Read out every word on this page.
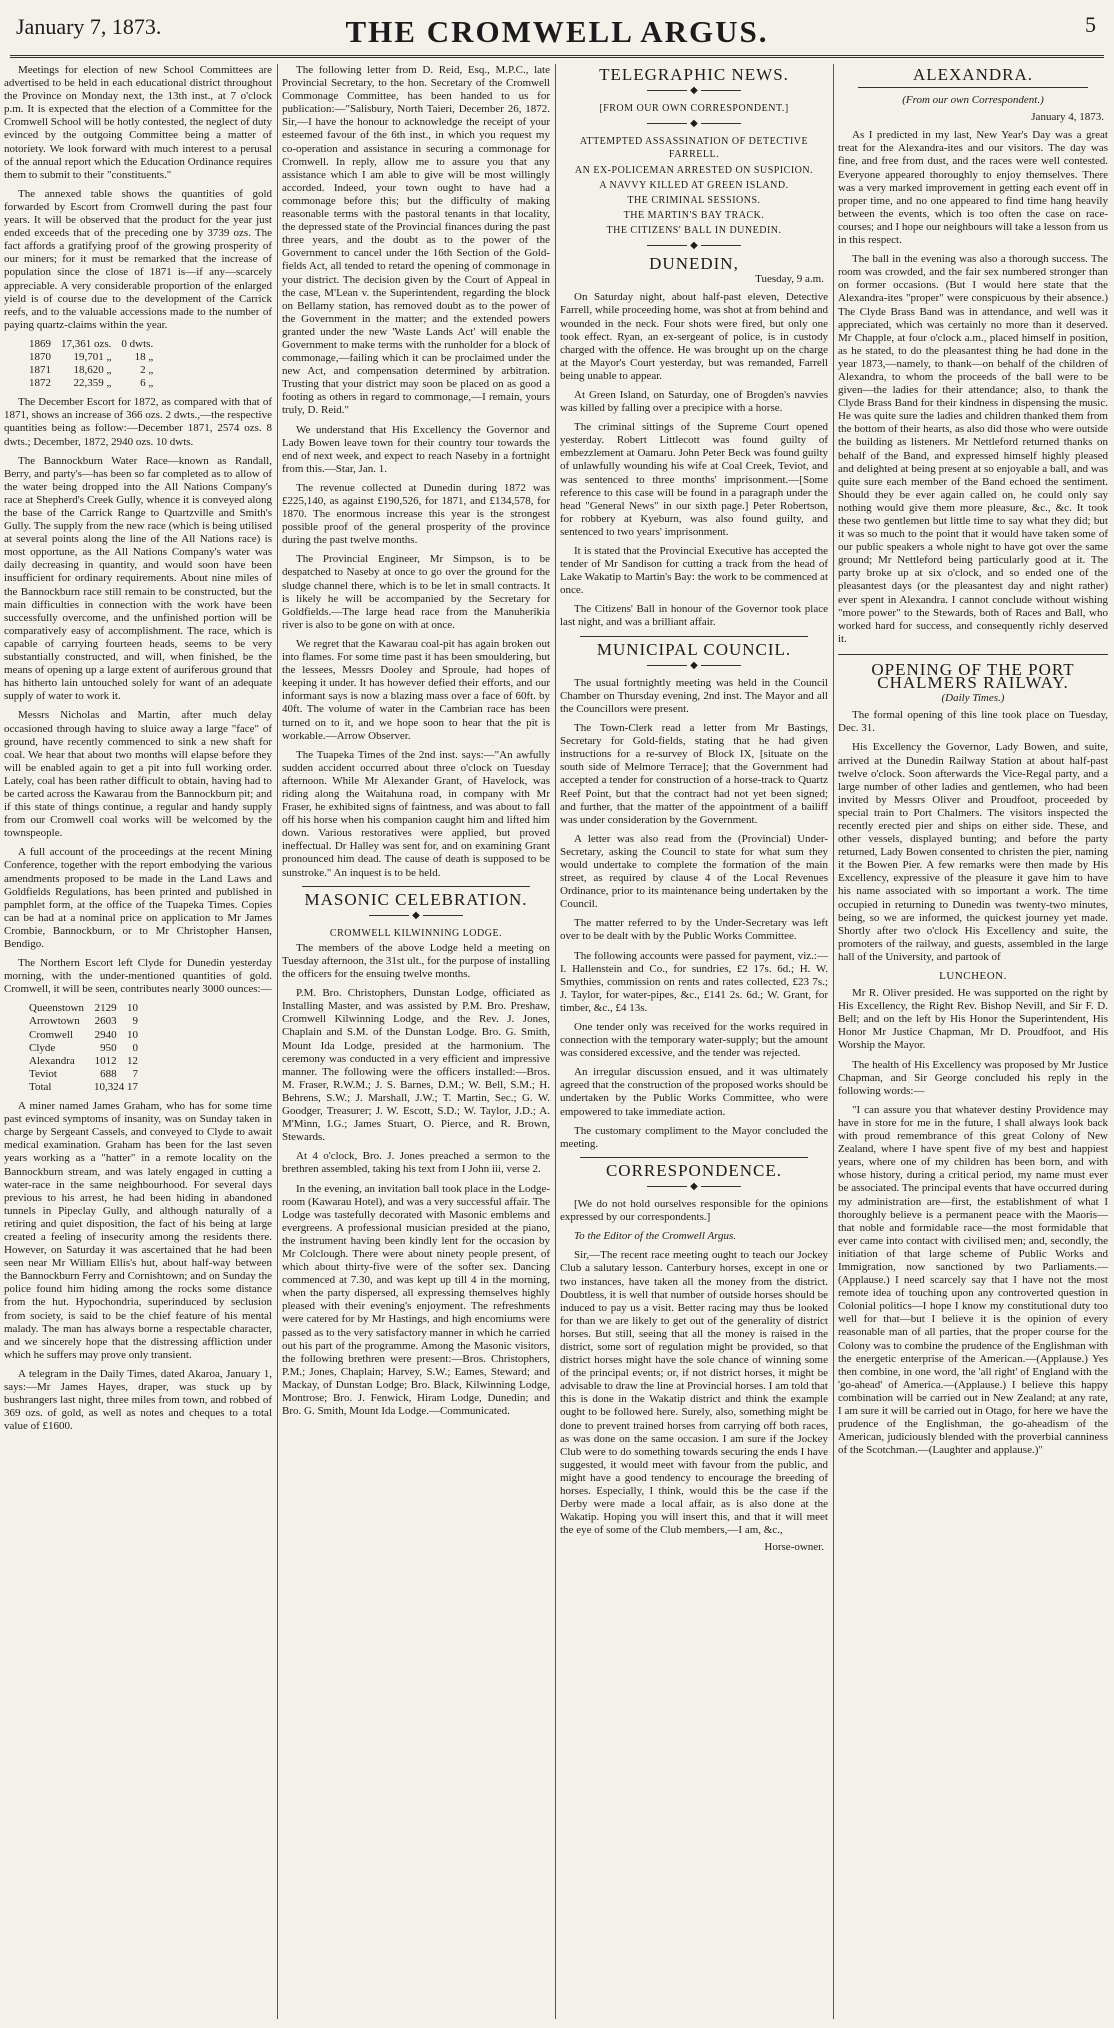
January 7, 1873.	THE CROMWELL ARGUS.	5

Meetings for election of new School Committees are advertised to be held in each educational district throughout the Province on Monday next, the 13th inst., at 7 o'clock p.m. It is expected that the election of a Committee for the Cromwell School will be hotly contested, the neglect of duty evinced by the outgoing Committee being a matter of notoriety. We look forward with much interest to a perusal of the annual report which the Education Ordinance requires them to submit to their "constituents."

The annexed table shows the quantities of gold forwarded by Escort from Cromwell during the past four years. It will be observed that the product for the year just ended exceeds that of the preceding one by 3739 ozs. The fact affords a gratifying proof of the growing prosperity of our miners; for it must be remarked that the increase of population since the close of 1871 is—if any—scarcely appreciable. A very considerable proportion of the enlarged yield is of course due to the development of the Carrick reefs, and to the valuable accessions made to the number of paying quartz-claims within the year.

1869	17,361 ozs.	0 dwts.
1870	19,701 „	18 „
1871	18,620 „	2 „
1872	22,359 „	6 „

The December Escort for 1872, as compared with that of 1871, shows an increase of 366 ozs. 2 dwts.,—the respective quantities being as follow:—December 1871, 2574 ozs. 8 dwts.; December, 1872, 2940 ozs. 10 dwts.

The Bannockburn Water Race—known as Randall, Berry, and party's—has been so far completed as to allow of the water being dropped into the All Nations Company's race at Shepherd's Creek Gully, whence it is conveyed along the base of the Carrick Range to Quartzville and Smith's Gully. The supply from the new race (which is being utilised at several points along the line of the All Nations race) is most opportune, as the All Nations Company's water was daily decreasing in quantity, and would soon have been insufficient for ordinary requirements. About nine miles of the Bannockburn race still remain to be constructed, but the main difficulties in connection with the work have been successfully overcome, and the unfinished portion will be comparatively easy of accomplishment. The race, which is capable of carrying fourteen heads, seems to be very substantially constructed, and will, when finished, be the means of opening up a large extent of auriferous ground that has hitherto lain untouched solely for want of an adequate supply of water to work it.

Messrs Nicholas and Martin, after much delay occasioned through having to sluice away a large "face" of ground, have recently commenced to sink a new shaft for coal. We hear that about two months will elapse before they will be enabled again to get a pit into full working order. Lately, coal has been rather difficult to obtain, having had to be carted across the Kawarau from the Bannockburn pit; and if this state of things continue, a regular and handy supply from our Cromwell coal works will be welcomed by the townspeople.

A full account of the proceedings at the recent Mining Conference, together with the report embodying the various amendments proposed to be made in the Land Laws and Goldfields Regulations, has been printed and published in pamphlet form, at the office of the Tuapeka Times. Copies can be had at a nominal price on application to Mr James Crombie, Bannockburn, or to Mr Christopher Hansen, Bendigo.

The Northern Escort left Clyde for Dunedin yesterday morning, with the under-mentioned quantities of gold. Cromwell, it will be seen, contributes nearly 3000 ounces:—

Queenstown	2129	10
Arrowtown	2603	9
Cromwell	2940	10
Clyde	950	0
Alexandra	1012	12
Teviot	688	7
Total	10,324 17	

A miner named James Graham, who has for some time past evinced symptoms of insanity, was on Sunday taken in charge by Sergeant Cassels, and conveyed to Clyde to await medical examination. Graham has been for the last seven years working as a "hatter" in a remote locality on the Bannockburn stream, and was lately engaged in cutting a water-race in the same neighbourhood. For several days previous to his arrest, he had been hiding in abandoned tunnels in Pipeclay Gully, and although naturally of a retiring and quiet disposition, the fact of his being at large created a feeling of insecurity among the residents there. However, on Saturday it was ascertained that he had been seen near Mr William Ellis's hut, about half-way between the Bannockburn Ferry and Cornishtown; and on Sunday the police found him hiding among the rocks some distance from the hut. Hypochondria, superinduced by seclusion from society, is said to be the chief feature of his mental malady. The man has always borne a respectable character, and we sincerely hope that the distressing affliction under which he suffers may prove only transient.

A telegram in the Daily Times, dated Akaroa, January 1, says:—Mr James Hayes, draper, was stuck up by bushrangers last night, three miles from town, and robbed of 369 ozs. of gold, as well as notes and cheques to a total value of £1600.

The following letter from D. Reid, Esq., M.P.C., late Provincial Secretary, to the hon. Secretary of the Cromwell Commonage Committee, has been handed to us for publication:—"Salisbury, North Taieri, December 26, 1872. Sir,—I have the honour to acknowledge the receipt of your esteemed favour of the 6th inst., in which you request my co-operation and assistance in securing a commonage for Cromwell. In reply, allow me to assure you that any assistance which I am able to give will be most willingly accorded. Indeed, your town ought to have had a commonage before this; but the difficulty of making reasonable terms with the pastoral tenants in that locality, the depressed state of the Provincial finances during the past three years, and the doubt as to the power of the Government to cancel under the 16th Section of the Gold-fields Act, all tended to retard the opening of commonage in your district. The decision given by the Court of Appeal in the case, M'Lean v. the Superintendent, regarding the block on Bellamy station, has removed doubt as to the power of the Government in the matter; and the extended powers granted under the new 'Waste Lands Act' will enable the Government to make terms with the runholder for a block of commonage,—failing which it can be proclaimed under the new Act, and compensation determined by arbitration. Trusting that your district may soon be placed on as good a footing as others in regard to commonage,—I remain, yours truly, D. Reid."

We understand that His Excellency the Governor and Lady Bowen leave town for their country tour towards the end of next week, and expect to reach Naseby in a fortnight from this.—Star, Jan. 1.

The revenue collected at Dunedin during 1872 was £225,140, as against £190,526, for 1871, and £134,578, for 1870. The enormous increase this year is the strongest possible proof of the general prosperity of the province during the past twelve months.

The Provincial Engineer, Mr Simpson, is to be despatched to Naseby at once to go over the ground for the sludge channel there, which is to be let in small contracts. It is likely he will be accompanied by the Secretary for Goldfields.—The large head race from the Manuherikia river is also to be gone on with at once.

We regret that the Kawarau coal-pit has again broken out into flames. For some time past it has been smouldering, but the lessees, Messrs Dooley and Sproule, had hopes of keeping it under. It has however defied their efforts, and our informant says is now a blazing mass over a face of 60ft. by 40ft. The volume of water in the Cambrian race has been turned on to it, and we hope soon to hear that the pit is workable.—Arrow Observer.

The Tuapeka Times of the 2nd inst. says:—"An awfully sudden accident occurred about three o'clock on Tuesday afternoon. While Mr Alexander Grant, of Havelock, was riding along the Waitahuna road, in company with Mr Fraser, he exhibited signs of faintness, and was about to fall off his horse when his companion caught him and lifted him down. Various restoratives were applied, but proved ineffectual. Dr Halley was sent for, and on examining Grant pronounced him dead. The cause of death is supposed to be sunstroke." An inquest is to be held.

MASONIC CELEBRATION.
◆
CROMWELL KILWINNING LODGE.

The members of the above Lodge held a meeting on Tuesday afternoon, the 31st ult., for the purpose of installing the officers for the ensuing twelve months.

P.M. Bro. Christophers, Dunstan Lodge, officiated as Installing Master, and was assisted by P.M. Bro. Preshaw, Cromwell Kilwinning Lodge, and the Rev. J. Jones, Chaplain and S.M. of the Dunstan Lodge. Bro. G. Smith, Mount Ida Lodge, presided at the harmonium. The ceremony was conducted in a very efficient and impressive manner. The following were the officers installed:—Bros. M. Fraser, R.W.M.; J. S. Barnes, D.M.; W. Bell, S.M.; H. Behrens, S.W.; J. Marshall, J.W.; T. Martin, Sec.; G. W. Goodger, Treasurer; J. W. Escott, S.D.; W. Taylor, J.D.; A. M'Minn, I.G.; James Stuart, O. Pierce, and R. Brown, Stewards.

At 4 o'clock, Bro. J. Jones preached a sermon to the brethren assembled, taking his text from I John iii, verse 2.

In the evening, an invitation ball took place in the Lodge-room (Kawarau Hotel), and was a very successful affair. The Lodge was tastefully decorated with Masonic emblems and evergreens. A professional musician presided at the piano, the instrument having been kindly lent for the occasion by Mr Colclough. There were about ninety people present, of which about thirty-five were of the softer sex. Dancing commenced at 7.30, and was kept up till 4 in the morning, when the party dispersed, all expressing themselves highly pleased with their evening's enjoyment. The refreshments were catered for by Mr Hastings, and high encomiums were passed as to the very satisfactory manner in which he carried out his part of the programme. Among the Masonic visitors, the following brethren were present:—Bros. Christophers, P.M.; Jones, Chaplain; Harvey, S.W.; Eames, Steward; and Mackay, of Dunstan Lodge; Bro. Black, Kilwinning Lodge, Montrose; Bro. J. Fenwick, Hiram Lodge, Dunedin; and Bro. G. Smith, Mount Ida Lodge.—Communicated.

TELEGRAPHIC NEWS.
◆
[FROM OUR OWN CORRESPONDENT.]
◆
ATTEMPTED ASSASSINATION OF DETECTIVE FARRELL.
AN EX-POLICEMAN ARRESTED ON SUSPICION.
A NAVVY KILLED AT GREEN ISLAND.
THE CRIMINAL SESSIONS.
THE MARTIN'S BAY TRACK.
THE CITIZENS' BALL IN DUNEDIN.
◆
DUNEDIN,
Tuesday, 9 a.m.

On Saturday night, about half-past eleven, Detective Farrell, while proceeding home, was shot at from behind and wounded in the neck. Four shots were fired, but only one took effect. Ryan, an ex-sergeant of police, is in custody charged with the offence. He was brought up on the charge at the Mayor's Court yesterday, but was remanded, Farrell being unable to appear.

At Green Island, on Saturday, one of Brogden's navvies was killed by falling over a precipice with a horse.

The criminal sittings of the Supreme Court opened yesterday. Robert Littlecott was found guilty of embezzlement at Oamaru. John Peter Beck was found guilty of unlawfully wounding his wife at Coal Creek, Teviot, and was sentenced to three months' imprisonment.—[Some reference to this case will be found in a paragraph under the head "General News" in our sixth page.] Peter Robertson, for robbery at Kyeburn, was also found guilty, and sentenced to two years' imprisonment.

It is stated that the Provincial Executive has accepted the tender of Mr Sandison for cutting a track from the head of Lake Wakatip to Martin's Bay: the work to be commenced at once.

The Citizens' Ball in honour of the Governor took place last night, and was a brilliant affair.

MUNICIPAL COUNCIL.
◆

The usual fortnightly meeting was held in the Council Chamber on Thursday evening, 2nd inst. The Mayor and all the Councillors were present.

The Town-Clerk read a letter from Mr Bastings, Secretary for Gold-fields, stating that he had given instructions for a re-survey of Block IX, [situate on the south side of Melmore Terrace]; that the Government had accepted a tender for construction of a horse-track to Quartz Reef Point, but that the contract had not yet been signed; and further, that the matter of the appointment of a bailiff was under consideration by the Government.

A letter was also read from the (Provincial) Under-Secretary, asking the Council to state for what sum they would undertake to complete the formation of the main street, as required by clause 4 of the Local Revenues Ordinance, prior to its maintenance being undertaken by the Council.

The matter referred to by the Under-Secretary was left over to be dealt with by the Public Works Committee.

The following accounts were passed for payment, viz.:—I. Hallenstein and Co., for sundries, £2 17s. 6d.; H. W. Smythies, commission on rents and rates collected, £23 7s.; J. Taylor, for water-pipes, &c., £141 2s. 6d.; W. Grant, for timber, &c., £4 13s.

One tender only was received for the works required in connection with the temporary water-supply; but the amount was considered excessive, and the tender was rejected.

An irregular discussion ensued, and it was ultimately agreed that the construction of the proposed works should be undertaken by the Public Works Committee, who were empowered to take immediate action.

The customary compliment to the Mayor concluded the meeting.

CORRESPONDENCE.
◆

[We do not hold ourselves responsible for the opinions expressed by our correspondents.]

To the Editor of the Cromwell Argus.

Sir,—The recent race meeting ought to teach our Jockey Club a salutary lesson. Canterbury horses, except in one or two instances, have taken all the money from the district. Doubtless, it is well that number of outside horses should be induced to pay us a visit. Better racing may thus be looked for than we are likely to get out of the generality of district horses. But still, seeing that all the money is raised in the district, some sort of regulation might be provided, so that district horses might have the sole chance of winning some of the principal events; or, if not district horses, it might be advisable to draw the line at Provincial horses. I am told that this is done in the Wakatip district and think the example ought to be followed here. Surely, also, something might be done to prevent trained horses from carrying off both races, as was done on the same occasion. I am sure if the Jockey Club were to do something towards securing the ends I have suggested, it would meet with favour from the public, and might have a good tendency to encourage the breeding of horses. Especially, I think, would this be the case if the Derby were made a local affair, as is also done at the Wakatip. Hoping you will insert this, and that it will meet the eye of some of the Club members,—I am, &c.,

Horse-owner.
ALEXANDRA.
(From our own Correspondent.)
January 4, 1873.

As I predicted in my last, New Year's Day was a great treat for the Alexandra-ites and our visitors. The day was fine, and free from dust, and the races were well contested. Everyone appeared thoroughly to enjoy themselves. There was a very marked improvement in getting each event off in proper time, and no one appeared to find time hang heavily between the events, which is too often the case on race-courses; and I hope our neighbours will take a lesson from us in this respect.

The ball in the evening was also a thorough success. The room was crowded, and the fair sex numbered stronger than on former occasions. (But I would here state that the Alexandra-ites "proper" were conspicuous by their absence.) The Clyde Brass Band was in attendance, and well was it appreciated, which was certainly no more than it deserved. Mr Chapple, at four o'clock a.m., placed himself in position, as he stated, to do the pleasantest thing he had done in the year 1873,—namely, to thank—on behalf of the children of Alexandra, to whom the proceeds of the ball were to be given—the ladies for their attendance; also, to thank the Clyde Brass Band for their kindness in dispensing the music. He was quite sure the ladies and children thanked them from the bottom of their hearts, as also did those who were outside the building as listeners. Mr Nettleford returned thanks on behalf of the Band, and expressed himself highly pleased and delighted at being present at so enjoyable a ball, and was quite sure each member of the Band echoed the sentiment. Should they be ever again called on, he could only say nothing would give them more pleasure, &c., &c. It took these two gentlemen but little time to say what they did; but it was so much to the point that it would have taken some of our public speakers a whole night to have got over the same ground; Mr Nettleford being particularly good at it. The party broke up at six o'clock, and so ended one of the pleasantest days (or the pleasantest day and night rather) ever spent in Alexandra. I cannot conclude without wishing "more power" to the Stewards, both of Races and Ball, who worked hard for success, and consequently richly deserved it.

OPENING OF THE PORT CHALMERS RAILWAY.
(Daily Times.)

The formal opening of this line took place on Tuesday, Dec. 31.

His Excellency the Governor, Lady Bowen, and suite, arrived at the Dunedin Railway Station at about half-past twelve o'clock. Soon afterwards the Vice-Regal party, and a large number of other ladies and gentlemen, who had been invited by Messrs Oliver and Proudfoot, proceeded by special train to Port Chalmers. The visitors inspected the recently erected pier and ships on either side. These, and other vessels, displayed bunting; and before the party returned, Lady Bowen consented to christen the pier, naming it the Bowen Pier. A few remarks were then made by His Excellency, expressive of the pleasure it gave him to have his name associated with so important a work. The time occupied in returning to Dunedin was twenty-two minutes, being, so we are informed, the quickest journey yet made. Shortly after two o'clock His Excellency and suite, the promoters of the railway, and guests, assembled in the large hall of the University, and partook of

LUNCHEON.

Mr R. Oliver presided. He was supported on the right by His Excellency, the Right Rev. Bishop Nevill, and Sir F. D. Bell; and on the left by His Honor the Superintendent, His Honor Mr Justice Chapman, Mr D. Proudfoot, and His Worship the Mayor.

The health of His Excellency was proposed by Mr Justice Chapman, and Sir George concluded his reply in the following words:—

"I can assure you that whatever destiny Providence may have in store for me in the future, I shall always look back with proud remembrance of this great Colony of New Zealand, where I have spent five of my best and happiest years, where one of my children has been born, and with whose history, during a critical period, my name must ever be associated. The principal events that have occurred during my administration are—first, the establishment of what I thoroughly believe is a permanent peace with the Maoris—that noble and formidable race—the most formidable that ever came into contact with civilised men; and, secondly, the initiation of that large scheme of Public Works and Immigration, now sanctioned by two Parliaments.—(Applause.) I need scarcely say that I have not the most remote idea of touching upon any controverted question in Colonial politics—I hope I know my constitutional duty too well for that—but I believe it is the opinion of every reasonable man of all parties, that the proper course for the Colony was to combine the prudence of the Englishman with the energetic enterprise of the American.—(Applause.) Yes then combine, in one word, the 'all right' of England with the 'go-ahead' of America.—(Applause.) I believe this happy combination will be carried out in New Zealand; at any rate, I am sure it will be carried out in Otago, for here we have the prudence of the Englishman, the go-aheadism of the American, judiciously blended with the proverbial canniness of the Scotchman.—(Laughter and applause.)"
